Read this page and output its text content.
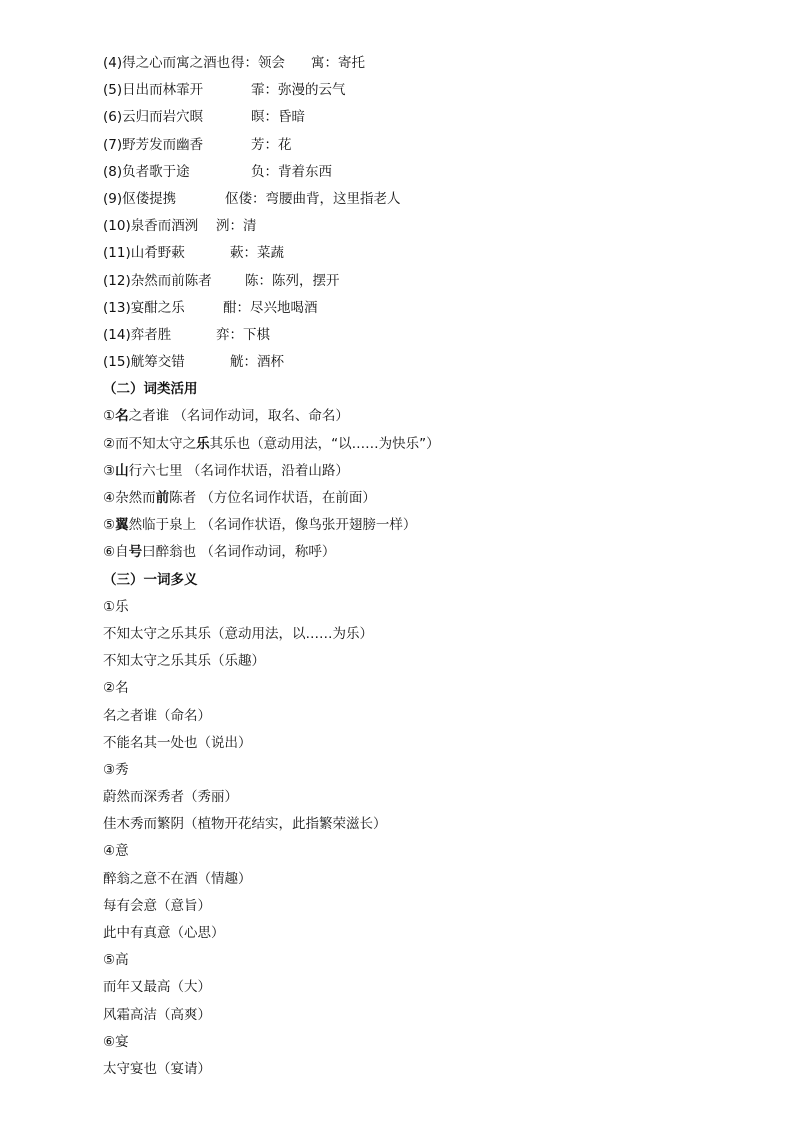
(4)得之心而寓之酒也 得：领会 寓：寄托
(5)日出而林霏开	霏：弥漫的云气
(6)云归而岩穴暝	暝：昏暗
(7)野芳发而幽香	芳：花
(8)负者歌于途	负：背着东西
(9)伛偻提携	伛偻：弯腰曲背，这里指老人
(10)泉香而酒洌	洌：清
(11)山肴野蔌	蔌：菜蔬
(12)杂然而前陈者	陈：陈列，摆开
(13)宴酣之乐	酣：尽兴地喝酒
(14)弈者胜	弈：下棋
(15)觥筹交错	觥：酒杯
（二）词类活用
① 名 之者谁 （名词作动词，取名、命名）
②而不知太守之 乐 其乐也（意动用法，“以……为快乐”）
③ 山 行六七里 （名词作状语，沿着山路）
④杂然而 前 陈者 （方位名词作状语，在前面）
⑤ 翼 然临于泉上 （名词作状语，像鸟张开翅膀一样）
⑥自 号 曰醉翁也 （名词作动词，称呼）
（三）一词多义
①乐
不知太守之乐其乐（意动用法，以……为乐）
不知太守之乐其乐（乐趣）
②名
名之者谁（命名）
不能名其一处也（说出）
③秀
蔚然而深秀者（秀丽）
佳木秀而繁阴（植物开花结实，此指繁荣滋长）
④意
醉翁之意不在酒（情趣）
每有会意（意旨）
此中有真意（心思）
⑤高
而年又最高（大）
风霜高洁（高爽）
⑥宴
太守宴也（宴请）
